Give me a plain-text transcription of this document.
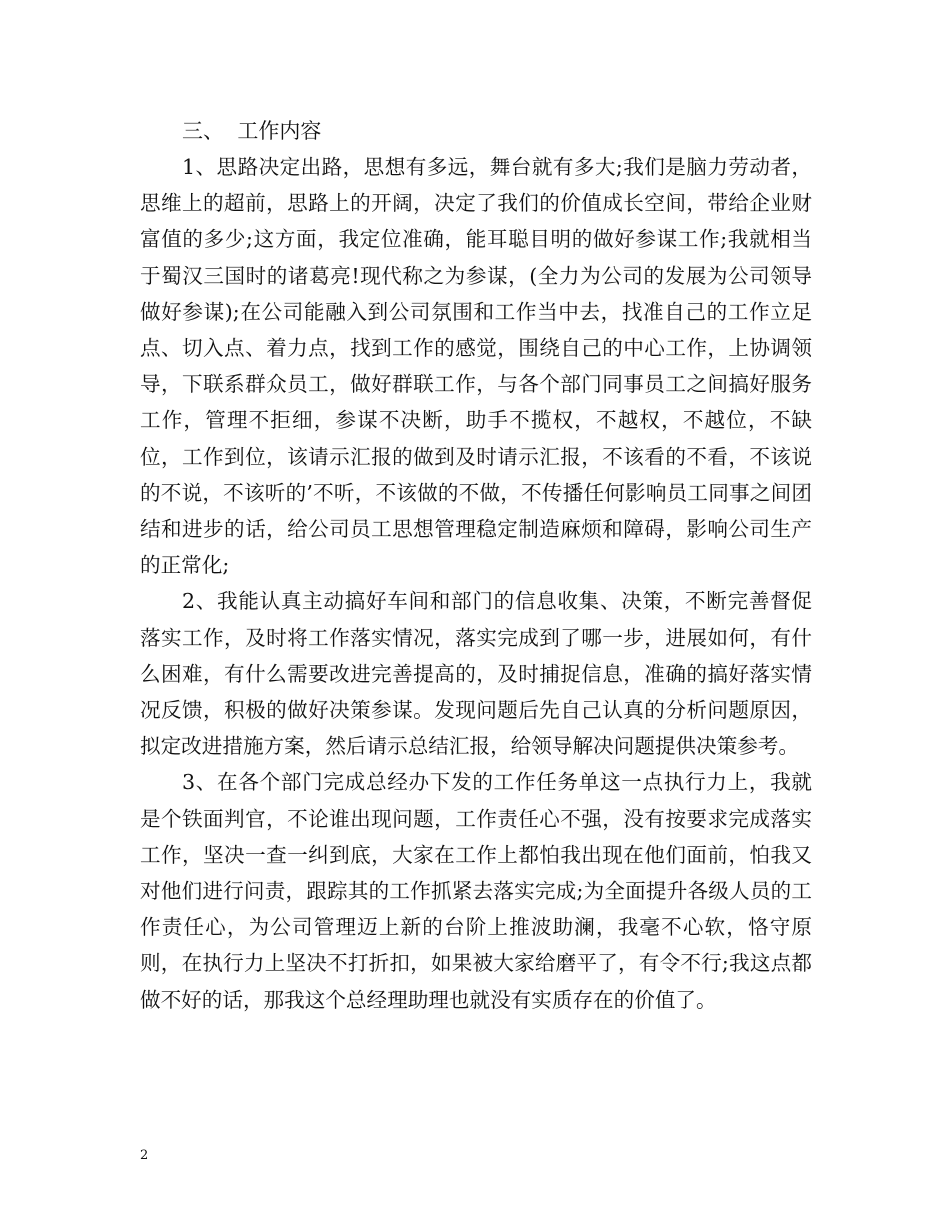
三、  工作内容

1、思路决定出路，思想有多远，舞台就有多大;我们是脑力劳动者，思维上的超前，思路上的开阔，决定了我们的价值成长空间，带给企业财富值的多少;这方面，我定位准确，能耳聪目明的做好参谋工作;我就相当于蜀汉三国时的诸葛亮!现代称之为参谋，(全力为公司的发展为公司领导做好参谋);在公司能融入到公司氛围和工作当中去，找准自己的工作立足点、切入点、着力点，找到工作的感觉，围绕自己的中心工作，上协调领导，下联系群众员工，做好群联工作，与各个部门同事员工之间搞好服务工作，管理不拒细，参谋不决断，助手不揽权，不越权，不越位，不缺位，工作到位，该请示汇报的做到及时请示汇报，不该看的不看，不该说的不说，不该听的’不听，不该做的不做，不传播任何影响员工同事之间团结和进步的话，给公司员工思想管理稳定制造麻烦和障碍，影响公司生产的正常化;

2、我能认真主动搞好车间和部门的信息收集、决策，不断完善督促落实工作，及时将工作落实情况，落实完成到了哪一步，进展如何，有什么困难，有什么需要改进完善提高的，及时捕捉信息，准确的搞好落实情况反馈，积极的做好决策参谋。发现问题后先自己认真的分析问题原因，拟定改进措施方案，然后请示总结汇报，给领导解决问题提供决策参考。

3、在各个部门完成总经办下发的工作任务单这一点执行力上，我就是个铁面判官，不论谁出现问题，工作责任心不强，没有按要求完成落实工作，坚决一查一纠到底，大家在工作上都怕我出现在他们面前，怕我又对他们进行问责，跟踪其的工作抓紧去落实完成;为全面提升各级人员的工作责任心，为公司管理迈上新的台阶上推波助澜，我毫不心软，恪守原则，在执行力上坚决不打折扣，如果被大家给磨平了，有令不行;我这点都做不好的话，那我这个总经理助理也就没有实质存在的价值了。

2
